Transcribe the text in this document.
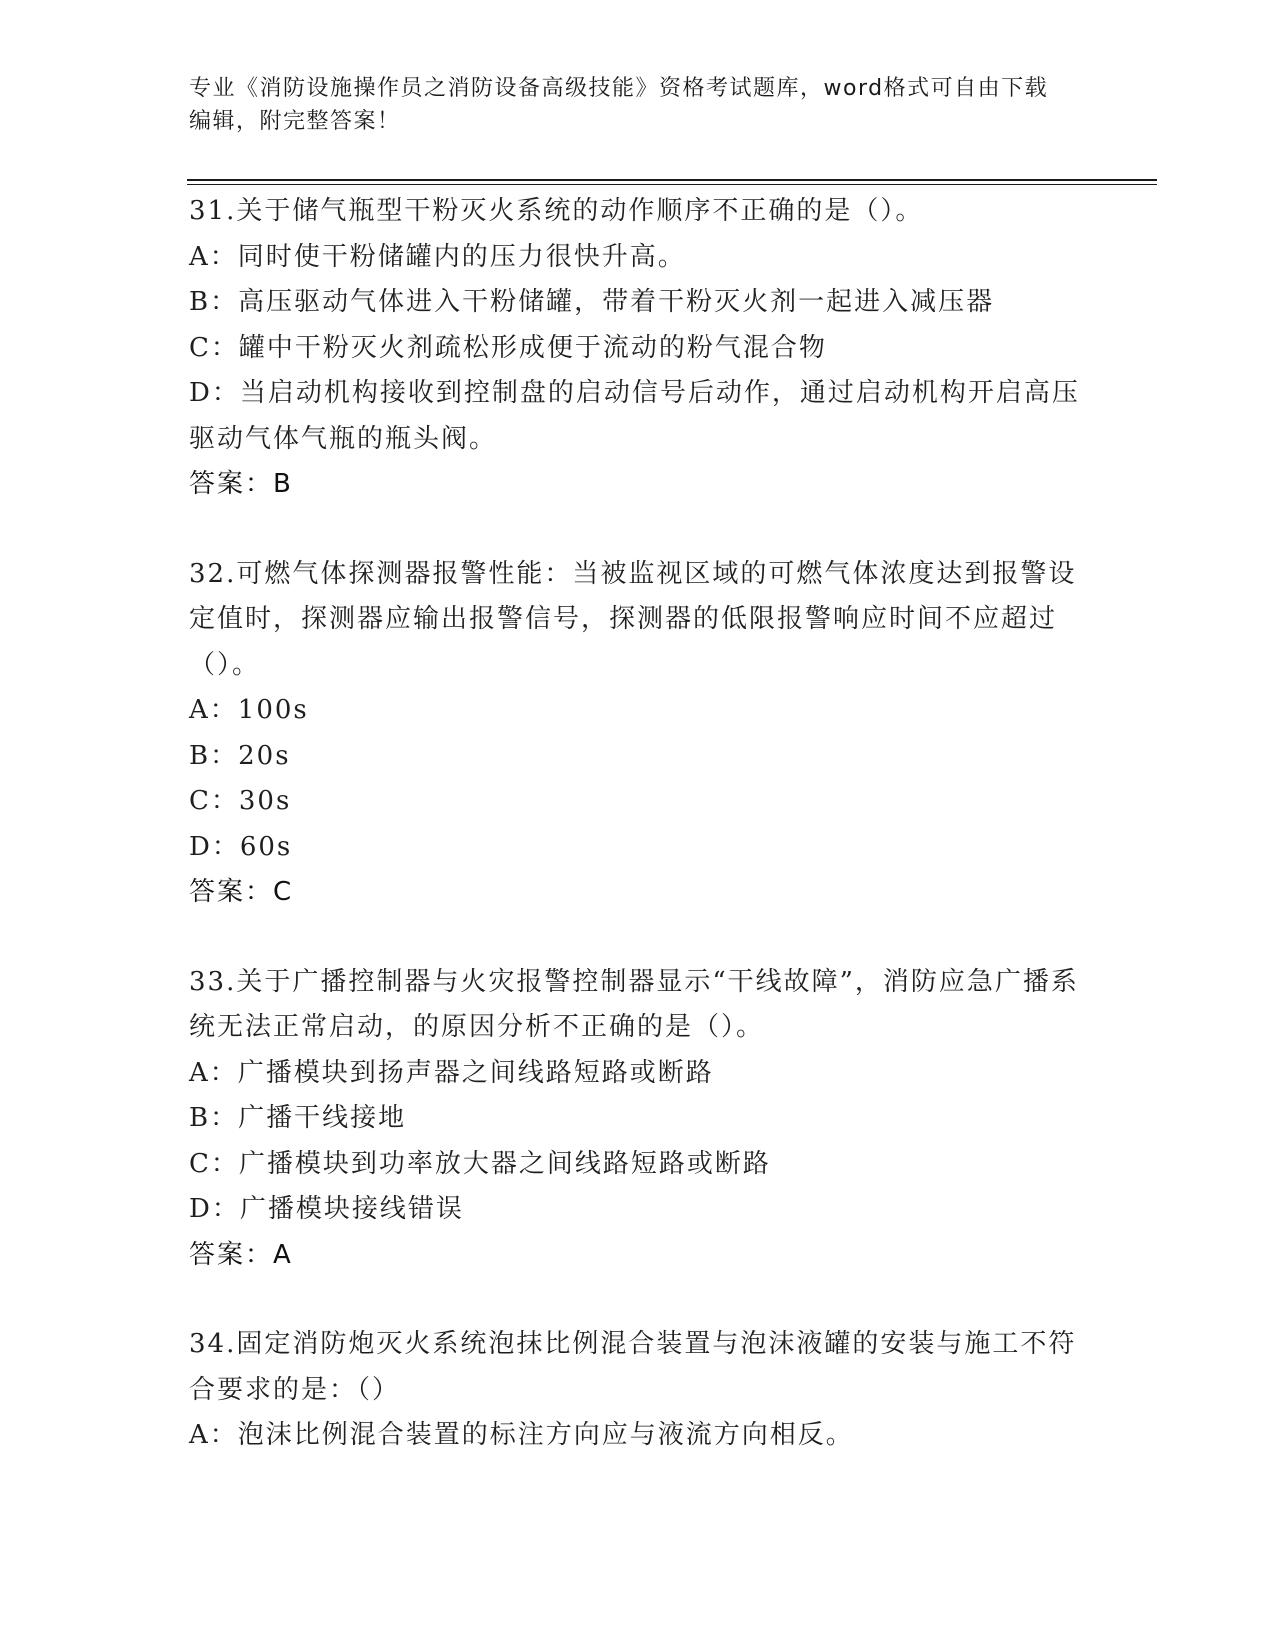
专业《消防设施操作员之消防设备高级技能》资格考试题库，word格式可自由下载编辑，附完整答案！
31.关于储气瓶型干粉灭火系统的动作顺序不正确的是（）。
A：同时使干粉储罐内的压力很快升高。
B：高压驱动气体进入干粉储罐，带着干粉灭火剂一起进入减压器
C：罐中干粉灭火剂疏松形成便于流动的粉气混合物
D：当启动机构接收到控制盘的启动信号后动作，通过启动机构开启高压驱动气体气瓶的瓶头阀。
答案：B
32.可燃气体探测器报警性能：当被监视区域的可燃气体浓度达到报警设定值时，探测器应输出报警信号，探测器的低限报警响应时间不应超过（）。
A：100s
B：20s
C：30s
D：60s
答案：C
33.关于广播控制器与火灾报警控制器显示“干线故障”，消防应急广播系统无法正常启动，的原因分析不正确的是（）。
A：广播模块到扬声器之间线路短路或断路
B：广播干线接地
C：广播模块到功率放大器之间线路短路或断路
D：广播模块接线错误
答案：A
34.固定消防炮灭火系统泡抹比例混合装置与泡沫液罐的安装与施工不符合要求的是：（）
A：泡沫比例混合装置的标注方向应与液流方向相反。
